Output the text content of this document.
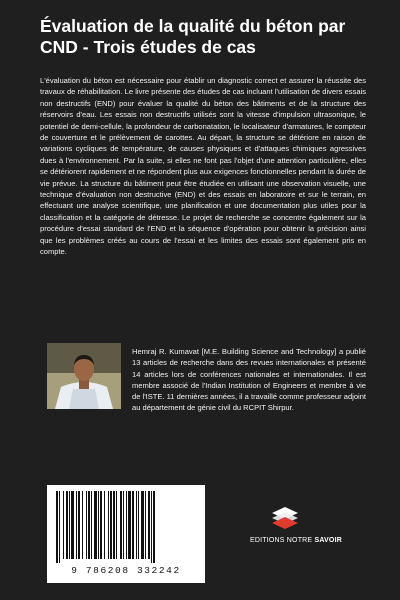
Évaluation de la qualité du béton par CND - Trois études de cas

L'évaluation du béton est nécessaire pour établir un diagnostic correct et assurer la réussite des travaux de réhabilitation. Le livre présente des études de cas incluant l'utilisation de divers essais non destructifs (END) pour évaluer la qualité du béton des bâtiments et de la structure des réservoirs d'eau. Les essais non destructifs utilisés sont la vitesse d'impulsion ultrasonique, le potentiel de demi-cellule, la profondeur de carbonatation, le localisateur d'armatures, le compteur de couverture et le prélèvement de carottes. Au départ, la structure se détériore en raison de variations cycliques de température, de causes physiques et d'attaques chimiques agressives dues à l'environnement. Par la suite, si elles ne font pas l'objet d'une attention particulière, elles se détériorent rapidement et ne répondent plus aux exigences fonctionnelles pendant la durée de vie prévue. La structure du bâtiment peut être étudiée en utilisant une observation visuelle, une technique d'évaluation non destructive (END) et des essais en laboratoire et sur le terrain, en effectuant une analyse scientifique, une planification et une documentation plus utiles pour la classification et la catégorie de détresse. Le projet de recherche se concentre également sur la procédure d'essai standard de l'END et la séquence d'opération pour obtenir la précision ainsi que les problèmes créés au cours de l'essai et les limites des essais sont également pris en compte.

Hemraj R. Kumavat [M.E. Building Science and Technology] a publié 13 articles de recherche dans des revues internationales et présenté 14 articles lors de conférences nationales et internationales. Il est membre associé de l'Indian Institution of Engineers et membre à vie de l'ISTE. 11 dernières années, il a travaillé comme professeur adjoint au département de génie civil du RCPIT Shirpur.

9 786208 332242
EDITIONS NOTRE SAVOIR
